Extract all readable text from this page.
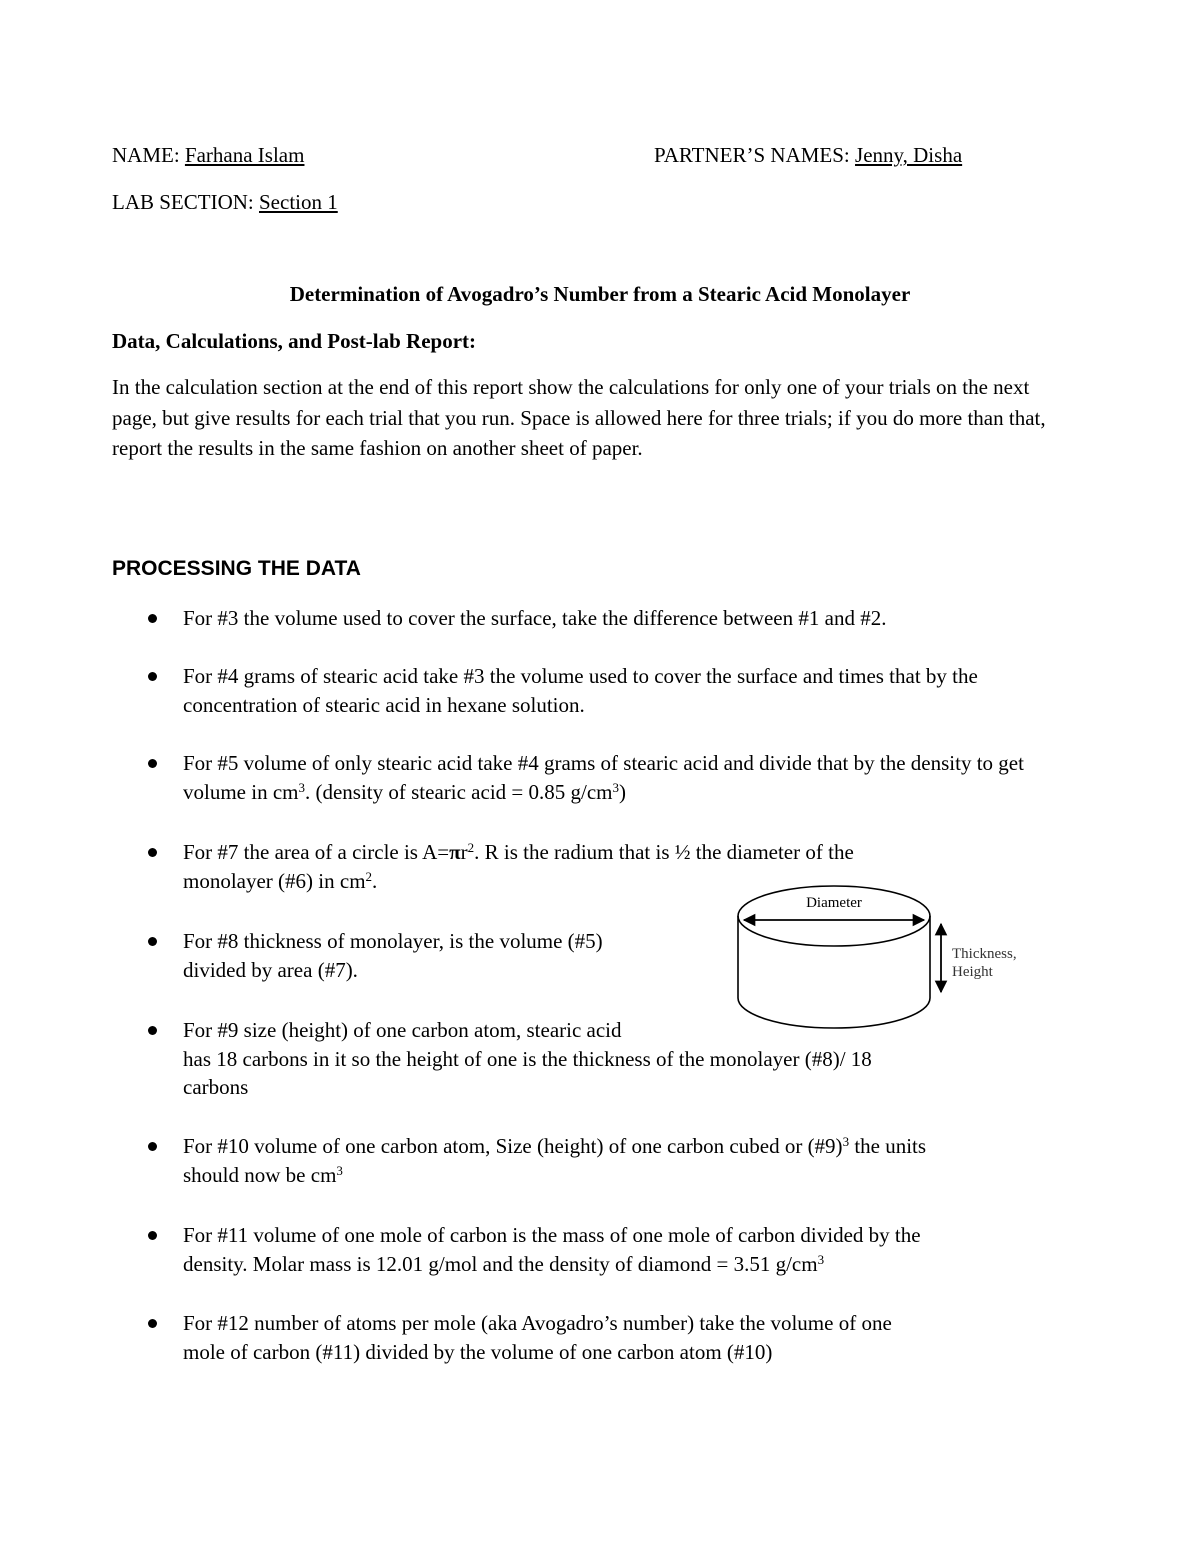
NAME: Farhana Islam	PARTNER’S NAMES: Jenny, Disha
LAB SECTION: Section 1
Determination of Avogadro’s Number from a Stearic Acid Monolayer
Data, Calculations, and Post-lab Report:
In the calculation section at the end of this report show the calculations for only one of your trials on the next page, but give results for each trial that you run. Space is allowed here for three trials; if you do more than that, report the results in the same fashion on another sheet of paper.
PROCESSING THE DATA
For #3 the volume used to cover the surface, take the difference between #1 and #2.
For #4 grams of stearic acid take #3 the volume used to cover the surface and times that by the concentration of stearic acid in hexane solution.
For #5 volume of only stearic acid take #4 grams of stearic acid and divide that by the density to get volume in $cm^3$. (density of stearic acid = 0.85 $g/cm^3$)
For #7 the area of a circle is $A=\pi r^2$. R is the radium that is ½ the diameter of the
monolayer (#6) in $cm^2$.
For #8 thickness of monolayer, is the volume (#5)
divided by area (#7).
For #9 size (height) of one carbon atom, stearic acid
has 18 carbons in it so the height of one is the thickness of the monolayer (#8)/ 18
carbons
For #10 volume of one carbon atom, Size (height) of one carbon cubed or (#9)$^3$ the units
should now be $cm^3$
For #11 volume of one mole of carbon is the mass of one mole of carbon divided by the
density. Molar mass is 12.01 g/mol and the density of diamond = 3.51 $g/cm^3$
For #12 number of atoms per mole (aka Avogadro’s number) take the volume of one
mole of carbon (#11) divided by the volume of one carbon atom (#10)
Diameter
Thickness,
Height
